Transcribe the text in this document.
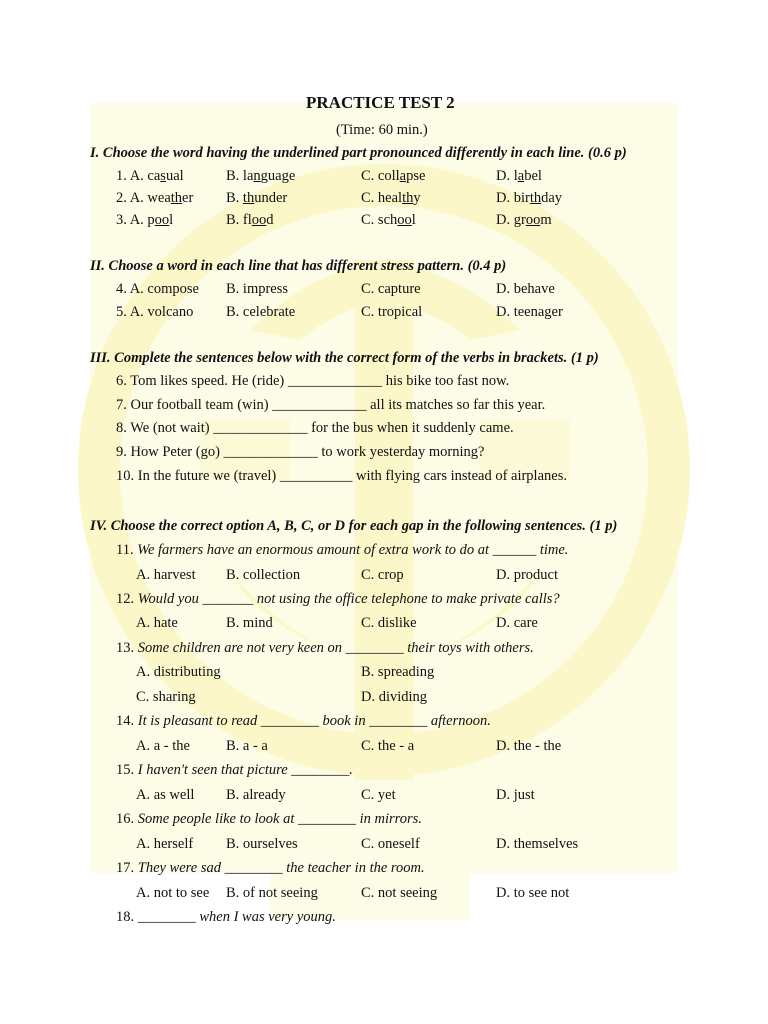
PRACTICE TEST 2
(Time: 60 min.)
I. Choose the word having the underlined part pronounced differently in each line. (0.6 p)
1. A. casual	B. language	C. collapse	D. label
2. A. weather B. thunder	C. healthy	D. birthday
3. A. pool	B. flood	C. school	D. groom
II. Choose a word in each line that has different stress pattern. (0.4 p)
4. A. compose B. impress	C. capture	D. behave
5. A. volcano B. celebrate	C. tropical	D. teenager
III. Complete the sentences below with the correct form of the verbs in brackets. (1 p)
6. Tom likes speed. He (ride) _____________ his bike too fast now.
7. Our football team (win) _____________ all its matches so far this year.
8. We (not wait) _____________ for the bus when it suddenly came.
9. How Peter (go) _____________ to work yesterday morning?
10. In the future we (travel) __________ with flying cars instead of airplanes.
IV. Choose the correct option A, B, C, or D for each gap in the following sentences. (1 p)
11. We farmers have an enormous amount of extra work to do at ______ time.
A. harvest B. collection	C. crop	D. product
12. Would you _______ not using the office telephone to make private calls?
A. hate	B. mind	C. dislike	D. care
13. Some children are not very keen on ________ their toys with others.
A. distributing	B. spreading
C. sharing	D. dividing
14. It is pleasant to read ________ book in ________ afternoon.
A. a - the B. a - a	C. the - a	D. the - the
15. I haven't seen that picture ________.
A. as well B. already	C. yet	D. just
16. Some people like to look at ________ in mirrors.
A. herself B. ourselves	C. oneself	D. themselves
17. They were sad ________ the teacher in the room.
A. not to see B. of not seeing	C. not seeing	D. to see not
18. ________ when I was very young.
